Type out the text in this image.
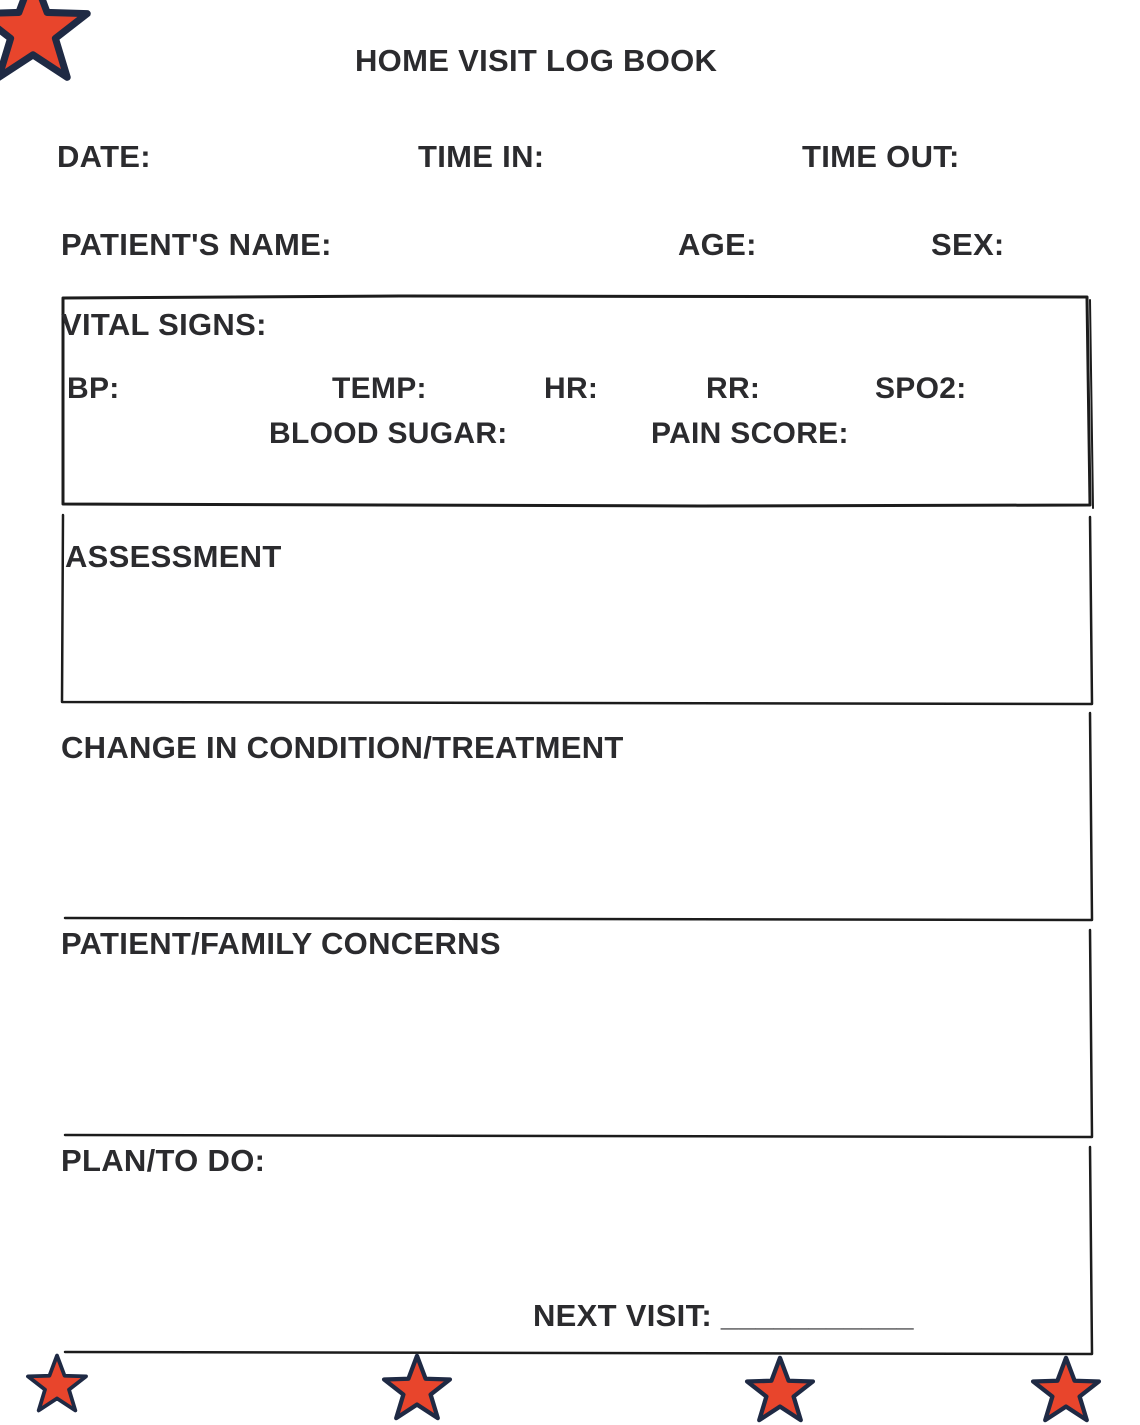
HOME VISIT LOG BOOK
DATE:	TIME IN:	TIME OUT:
PATIENT'S NAME:	AGE:	SEX:
VITAL SIGNS:
BP:	TEMP:	HR:	RR:	SPO2:
BLOOD SUGAR:	PAIN SCORE:
ASSESSMENT
CHANGE IN CONDITION/TREATMENT
PATIENT/FAMILY CONCERNS
PLAN/TO DO:
NEXT VISIT: ___________
